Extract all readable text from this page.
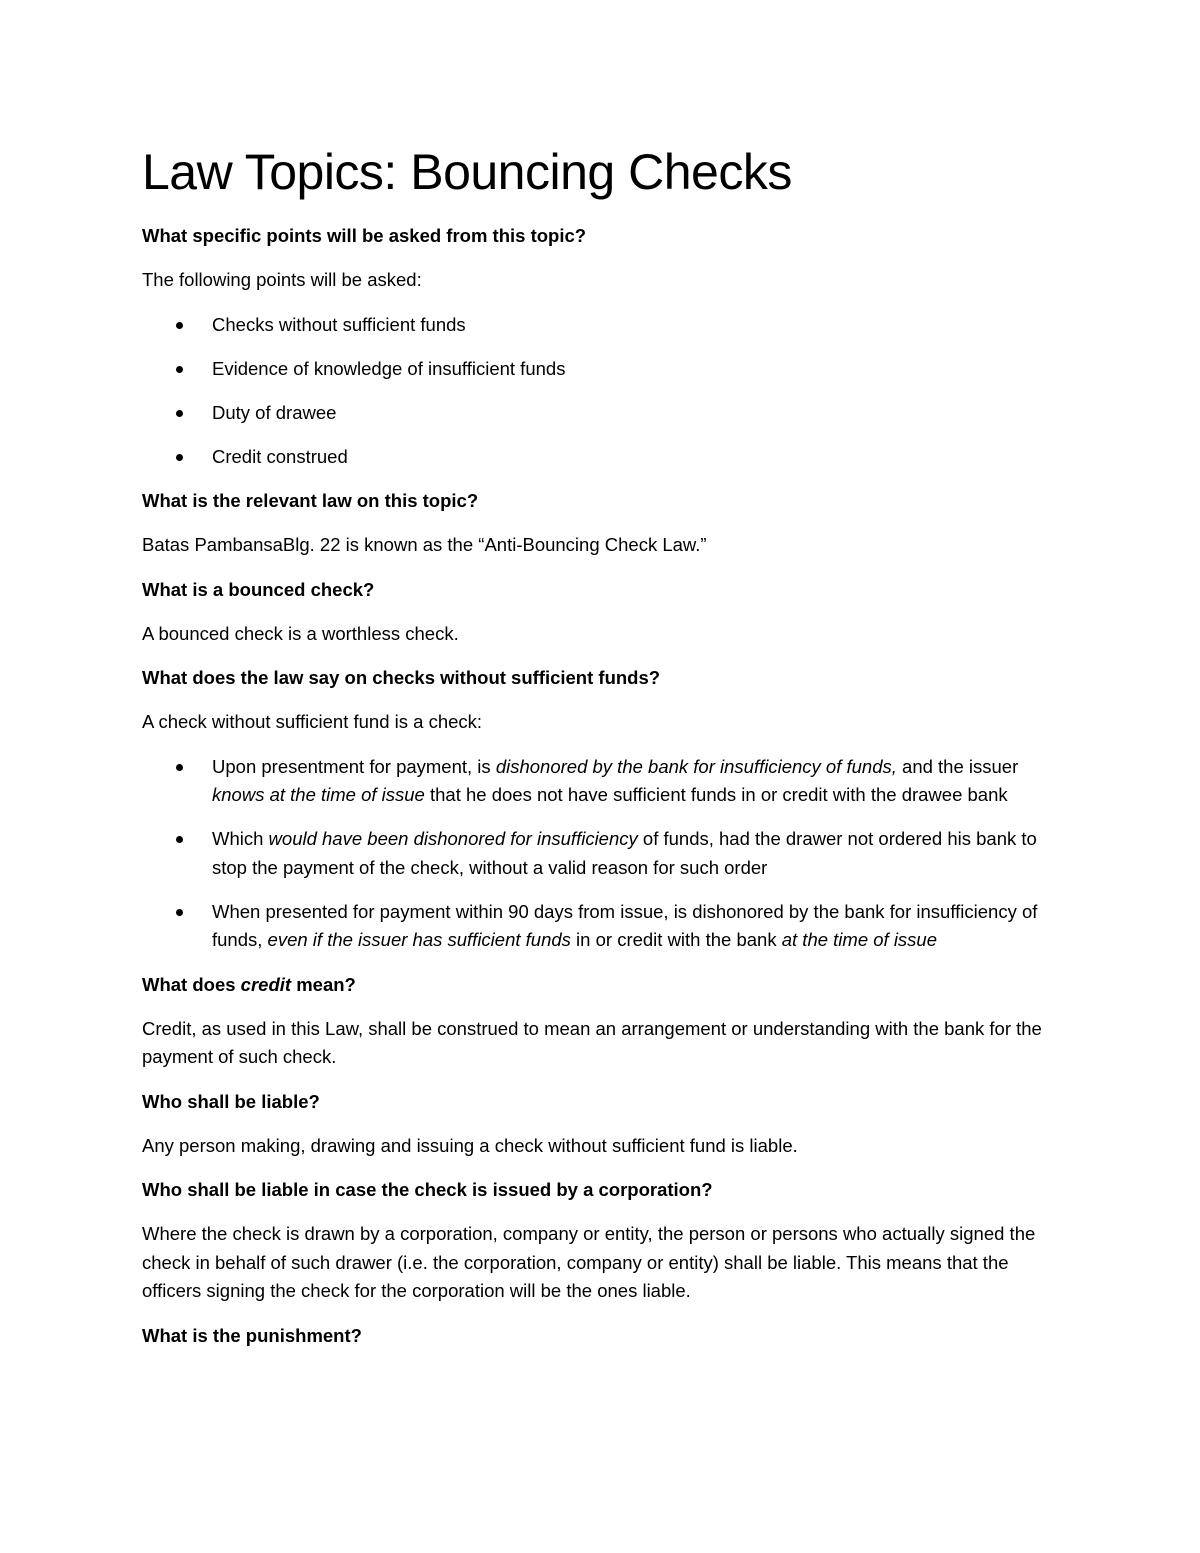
Law Topics: Bouncing Checks

What specific points will be asked from this topic?

The following points will be asked:

Checks without sufficient funds
Evidence of knowledge of insufficient funds
Duty of drawee
Credit construed

What is the relevant law on this topic?

Batas PambansaBlg. 22 is known as the “Anti-Bouncing Check Law.”

What is a bounced check?

A bounced check is a worthless check.

What does the law say on checks without sufficient funds?

A check without sufficient fund is a check:

Upon presentment for payment, is dishonored by the bank for insufficiency of funds, and the issuer knows at the time of issue that he does not have sufficient funds in or credit with the drawee bank
Which would have been dishonored for insufficiency of funds, had the drawer not ordered his bank to stop the payment of the check, without a valid reason for such order
When presented for payment within 90 days from issue, is dishonored by the bank for insufficiency of funds, even if the issuer has sufficient funds in or credit with the bank at the time of issue

What does credit mean?

Credit, as used in this Law, shall be construed to mean an arrangement or understanding with the bank for the payment of such check.

Who shall be liable?

Any person making, drawing and issuing a check without sufficient fund is liable.

Who shall be liable in case the check is issued by a corporation?

Where the check is drawn by a corporation, company or entity, the person or persons who actually signed the check in behalf of such drawer (i.e. the corporation, company or entity) shall be liable. This means that the officers signing the check for the corporation will be the ones liable.

What is the punishment?
